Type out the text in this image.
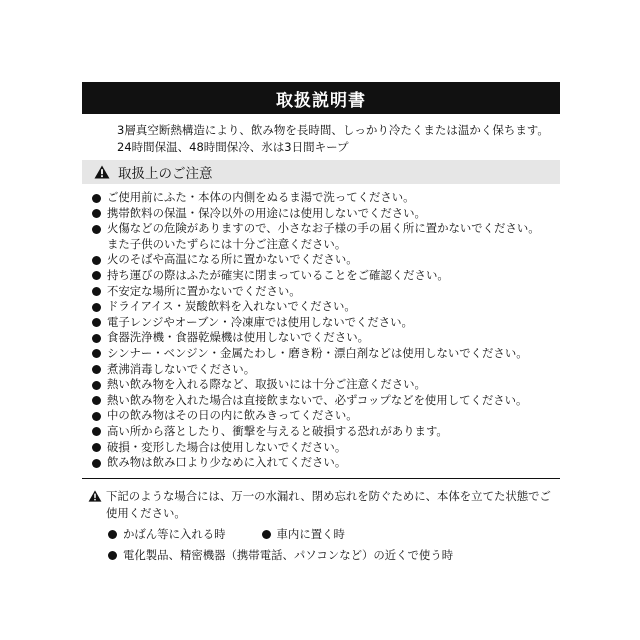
取扱説明書
3層真空断熱構造により、飲み物を長時間、しっかり冷たくまたは温かく保ちます。
24時間保温、48時間保冷、氷は3日間キープ
取扱上のご注意
ご使用前にふた・本体の内側をぬるま湯で洗ってください。
携帯飲料の保温・保冷以外の用途には使用しないでください。
火傷などの危険がありますので、小さなお子様の手の届く所に置かないでください。
また子供のいたずらには十分ご注意ください。
火のそばや高温になる所に置かないでください。
持ち運びの際はふたが確実に閉まっていることをご確認ください。
不安定な場所に置かないでください。
ドライアイス・炭酸飲料を入れないでください。
電子レンジやオーブン・冷凍庫では使用しないでください。
食器洗浄機・食器乾燥機は使用しないでください。
シンナー・ベンジン・金属たわし・磨き粉・漂白剤などは使用しないでください。
煮沸消毒しないでください。
熱い飲み物を入れる際など、取扱いには十分ご注意ください。
熱い飲み物を入れた場合は直接飲まないで、必ずコップなどを使用してください。
中の飲み物はその日の内に飲みきってください。
高い所から落としたり、衝撃を与えると破損する恐れがあります。
破損・変形した場合は使用しないでください。
飲み物は飲み口より少なめに入れてください。
下記のような場合には、万一の水漏れ、閉め忘れを防ぐために、本体を立てた状態でご使用ください。
かばん等に入れる時	車内に置く時
電化製品、精密機器（携帯電話、パソコンなど）の近くで使う時
